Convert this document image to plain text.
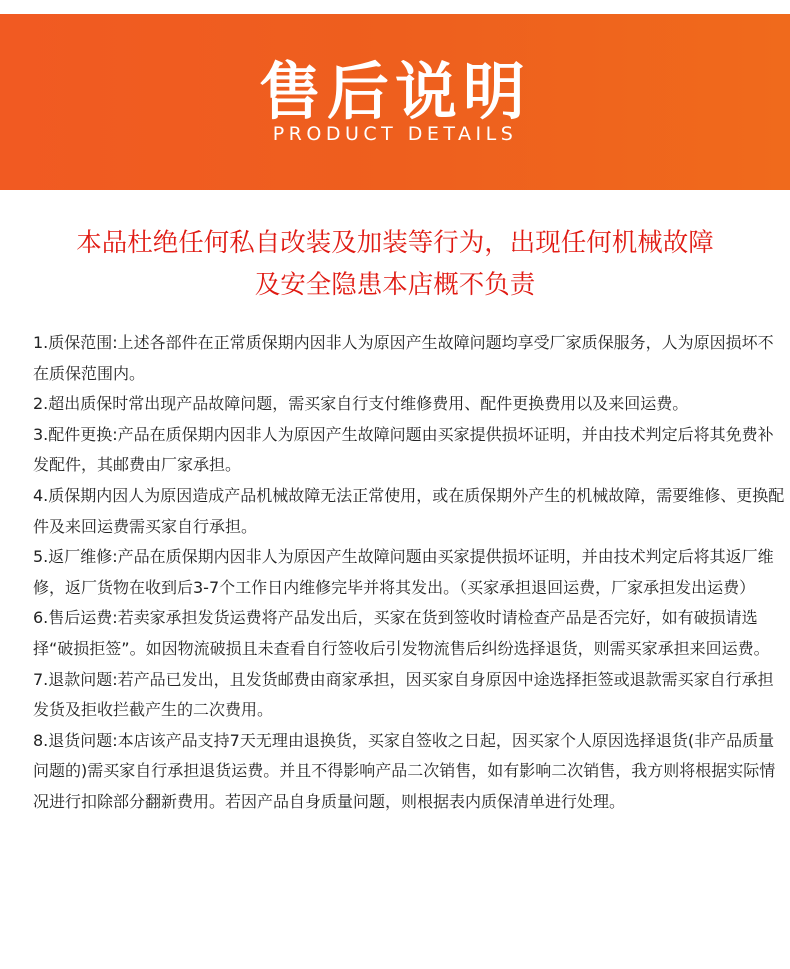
售后说明
PRODUCT DETAILS
本品杜绝任何私自改装及加装等行为，出现任何机械故障
及安全隐患本店概不负责
1.质保范围:上述各部件在正常质保期内因非人为原因产生故障问题均享受厂家质保服务，人为原因损坏不在质保范围内。
2.超出质保时常出现产品故障问题，需买家自行支付维修费用、配件更换费用以及来回运费。
3.配件更换:产品在质保期内因非人为原因产生故障问题由买家提供损坏证明，并由技术判定后将其免费补发配件，其邮费由厂家承担。
4.质保期内因人为原因造成产品机械故障无法正常使用，或在质保期外产生的机械故障，需要维修、更换配件及来回运费需买家自行承担。
5.返厂维修:产品在质保期内因非人为原因产生故障问题由买家提供损坏证明，并由技术判定后将其返厂维修，返厂货物在收到后3-7个工作日内维修完毕并将其发出。（买家承担退回运费，厂家承担发出运费）
6.售后运费:若卖家承担发货运费将产品发出后，买家在货到签收时请检查产品是否完好，如有破损请选择“破损拒签”。如因物流破损且未查看自行签收后引发物流售后纠纷选择退货，则需买家承担来回运费。
7.退款问题:若产品已发出，且发货邮费由商家承担，因买家自身原因中途选择拒签或退款需买家自行承担发货及拒收拦截产生的二次费用。
8.退货问题:本店该产品支持7天无理由退换货，买家自签收之日起，因买家个人原因选择退货(非产品质量问题的)需买家自行承担退货运费。并且不得影响产品二次销售，如有影响二次销售，我方则将根据实际情况进行扣除部分翻新费用。若因产品自身质量问题，则根据表内质保清单进行处理。
